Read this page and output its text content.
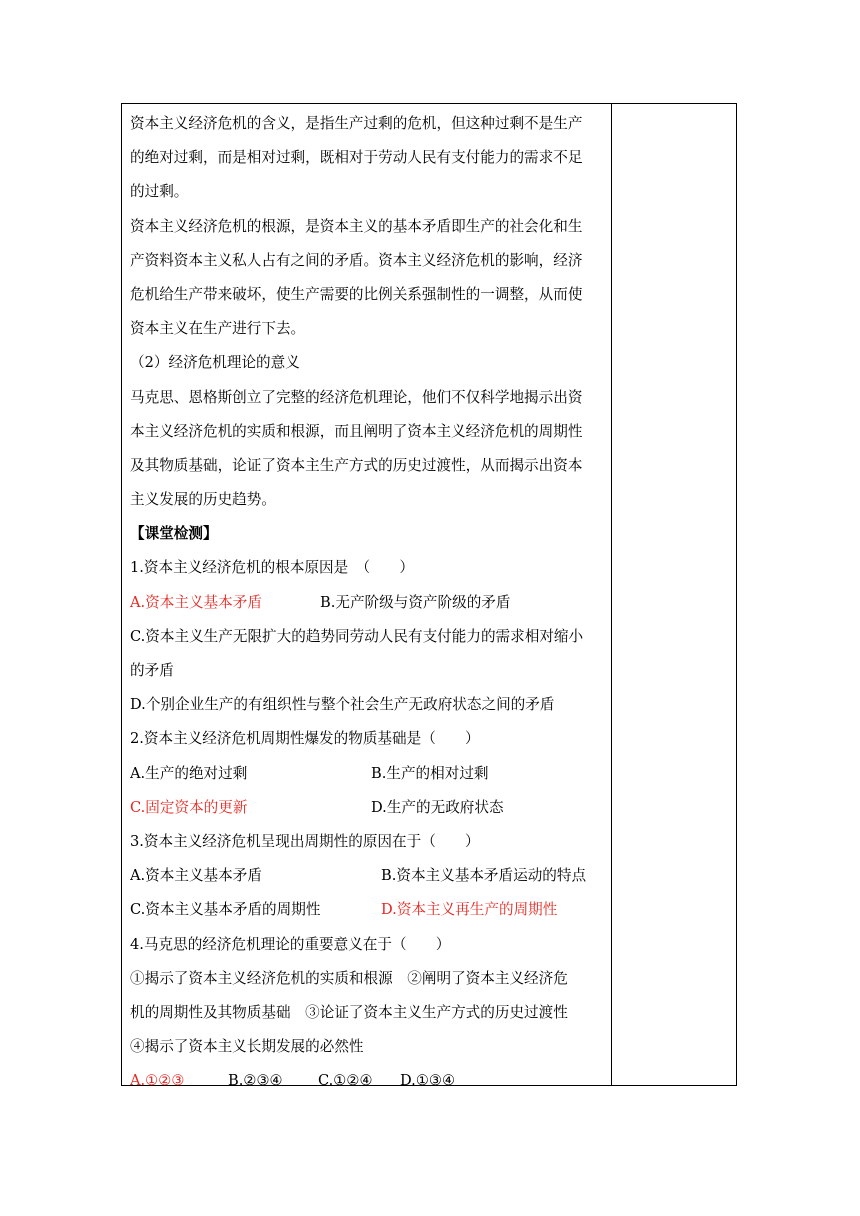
资本主义经济危机的含义，是指生产过剩的危机，但这种过剩不是生产
的绝对过剩，而是相对过剩，既相对于劳动人民有支付能力的需求不足
的过剩。
资本主义经济危机的根源，是资本主义的基本矛盾即生产的社会化和生
产资料资本主义私人占有之间的矛盾。资本主义经济危机的影响，经济
危机给生产带来破坏，使生产需要的比例关系强制性的一调整，从而使
资本主义在生产进行下去。
（2）经济危机理论的意义
马克思、恩格斯创立了完整的经济危机理论，他们不仅科学地揭示出资
本主义经济危机的实质和根源，而且阐明了资本主义经济危机的周期性
及其物质基础，论证了资本主生产方式的历史过渡性，从而揭示出资本
主义发展的历史趋势。
【课堂检测】
1.资本主义经济危机的根本原因是　（　　）
A.资本主义基本矛盾	B.无产阶级与资产阶级的矛盾
C.资本主义生产无限扩大的趋势同劳动人民有支付能力的需求相对缩小
的矛盾
D.个别企业生产的有组织性与整个社会生产无政府状态之间的矛盾
2.资本主义经济危机周期性爆发的物质基础是（　　）
A.生产的绝对过剩	B.生产的相对过剩
C.固定资本的更新	D.生产的无政府状态
3.资本主义经济危机呈现出周期性的原因在于（　　）
A.资本主义基本矛盾	B.资本主义基本矛盾运动的特点
C.资本主义基本矛盾的周期性	D.资本主义再生产的周期性
4.马克思的经济危机理论的重要意义在于（　　）
①揭示了资本主义经济危机的实质和根源　②阐明了资本主义经济危
机的周期性及其物质基础　③论证了资本主义生产方式的历史过渡性
④揭示了资本主义长期发展的必然性
A.①②③	B.②③④ C.①②④ D.①③④
